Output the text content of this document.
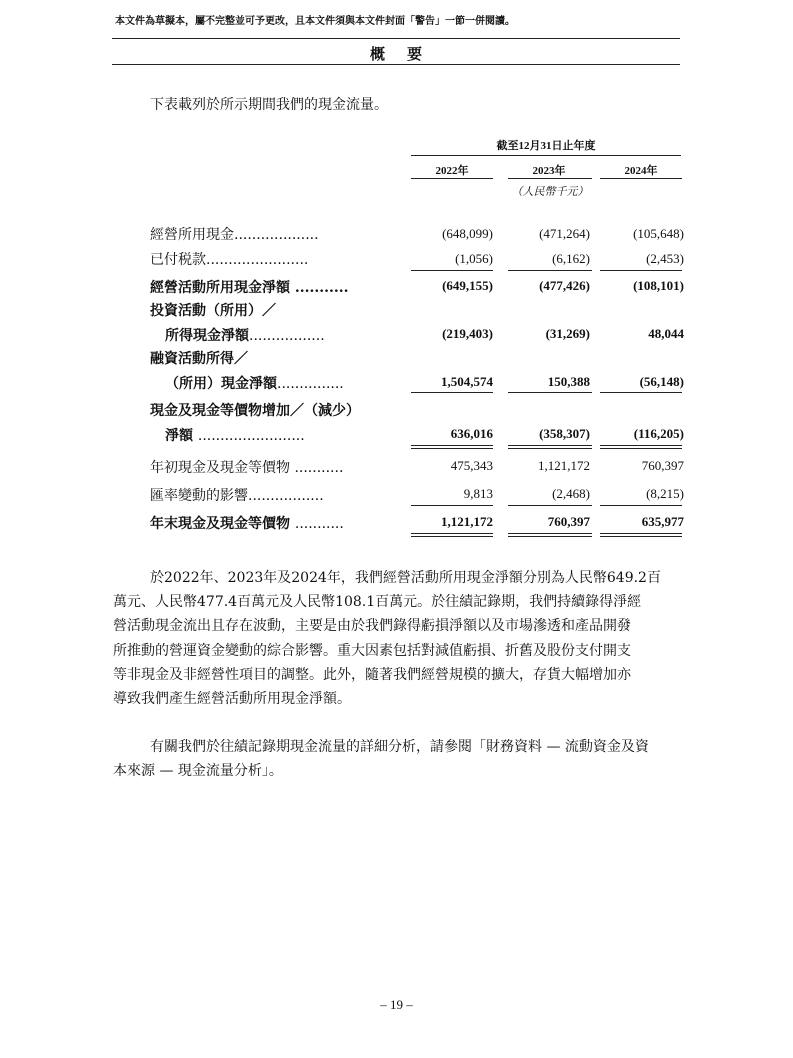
本文件為草擬本，屬不完整並可予更改，且本文件須與本文件封面「警告」一節一併閱讀。
概要
下表載列於所示期間我們的現金流量。
截至12月31日止年度
2022年	2023年	2024年
（人民幣千元）
經營所用現金...................	(648,099)	(471,264)	(105,648)
已付税款.......................	(1,056)	(6,162)	(2,453)
經營活動所用現金淨額 ...........	(649,155)	(477,426)	(108,101)
投資活動（所用）／
所得現金淨額.................	(219,403)	(31,269)	48,044
融資活動所得／
（所用）現金淨額...............	1,504,574	150,388	(56,148)
現金及現金等價物增加／（減少）
淨額 ........................	636,016	(358,307)	(116,205)
年初現金及現金等價物 ...........	475,343	1,121,172	760,397
匯率變動的影響.................	9,813	(2,468)	(8,215)
年末現金及現金等價物 ...........	1,121,172	760,397	635,977
於2022年、2023年及2024年，我們經營活動所用現金淨額分別為人民幣649.2百
萬元、人民幣477.4百萬元及人民幣108.1百萬元。於往績記錄期，我們持續錄得淨經
營活動現金流出且存在波動，主要是由於我們錄得虧損淨額以及市場滲透和產品開發
所推動的營運資金變動的綜合影響。重大因素包括對減值虧損、折舊及股份支付開支
等非現金及非經營性項目的調整。此外，隨著我們經營規模的擴大，存貨大幅增加亦
導致我們產生經營活動所用現金淨額。
有關我們於往績記錄期現金流量的詳細分析，請參閱「財務資料 — 流動資金及資
本來源 — 現金流量分析」。
– 19 –
